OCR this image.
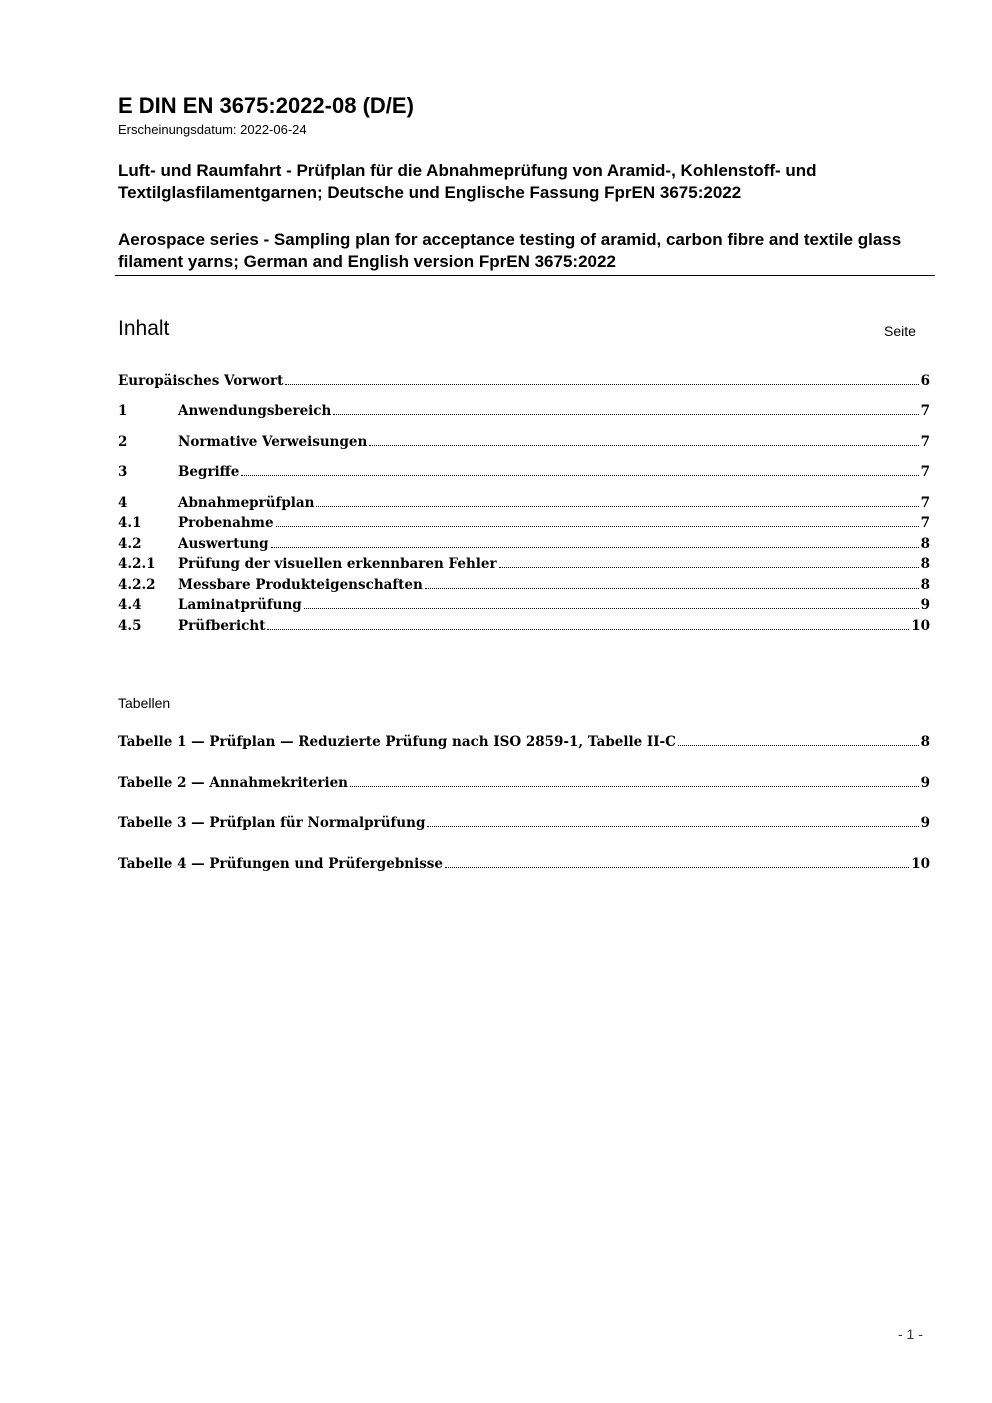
E DIN EN 3675:2022-08 (D/E)
Erscheinungsdatum: 2022-06-24
Luft- und Raumfahrt - Prüfplan für die Abnahmeprüfung von Aramid-, Kohlenstoff- und Textilglasfilamentgarnen; Deutsche und Englische Fassung FprEN 3675:2022
Aerospace series - Sampling plan for acceptance testing of aramid, carbon fibre and textile glass filament yarns; German and English version FprEN 3675:2022
Inhalt	Seite
Europäisches Vorwort	6
1	Anwendungsbereich	7
2	Normative Verweisungen	7
3	Begriffe	7
4	Abnahmeprüfplan	7
4.1	Probenahme	7
4.2	Auswertung	8
4.2.1	Prüfung der visuellen erkennbaren Fehler	8
4.2.2	Messbare Produkteigenschaften	8
4.4	Laminatprüfung	9
4.5	Prüfbericht	10
Tabellen
Tabelle 1 — Prüfplan — Reduzierte Prüfung nach ISO 2859-1, Tabelle II-C	8
Tabelle 2 — Annahmekriterien	9
Tabelle 3 — Prüfplan für Normalprüfung	9
Tabelle 4 — Prüfungen und Prüfergebnisse	10
- 1 -
